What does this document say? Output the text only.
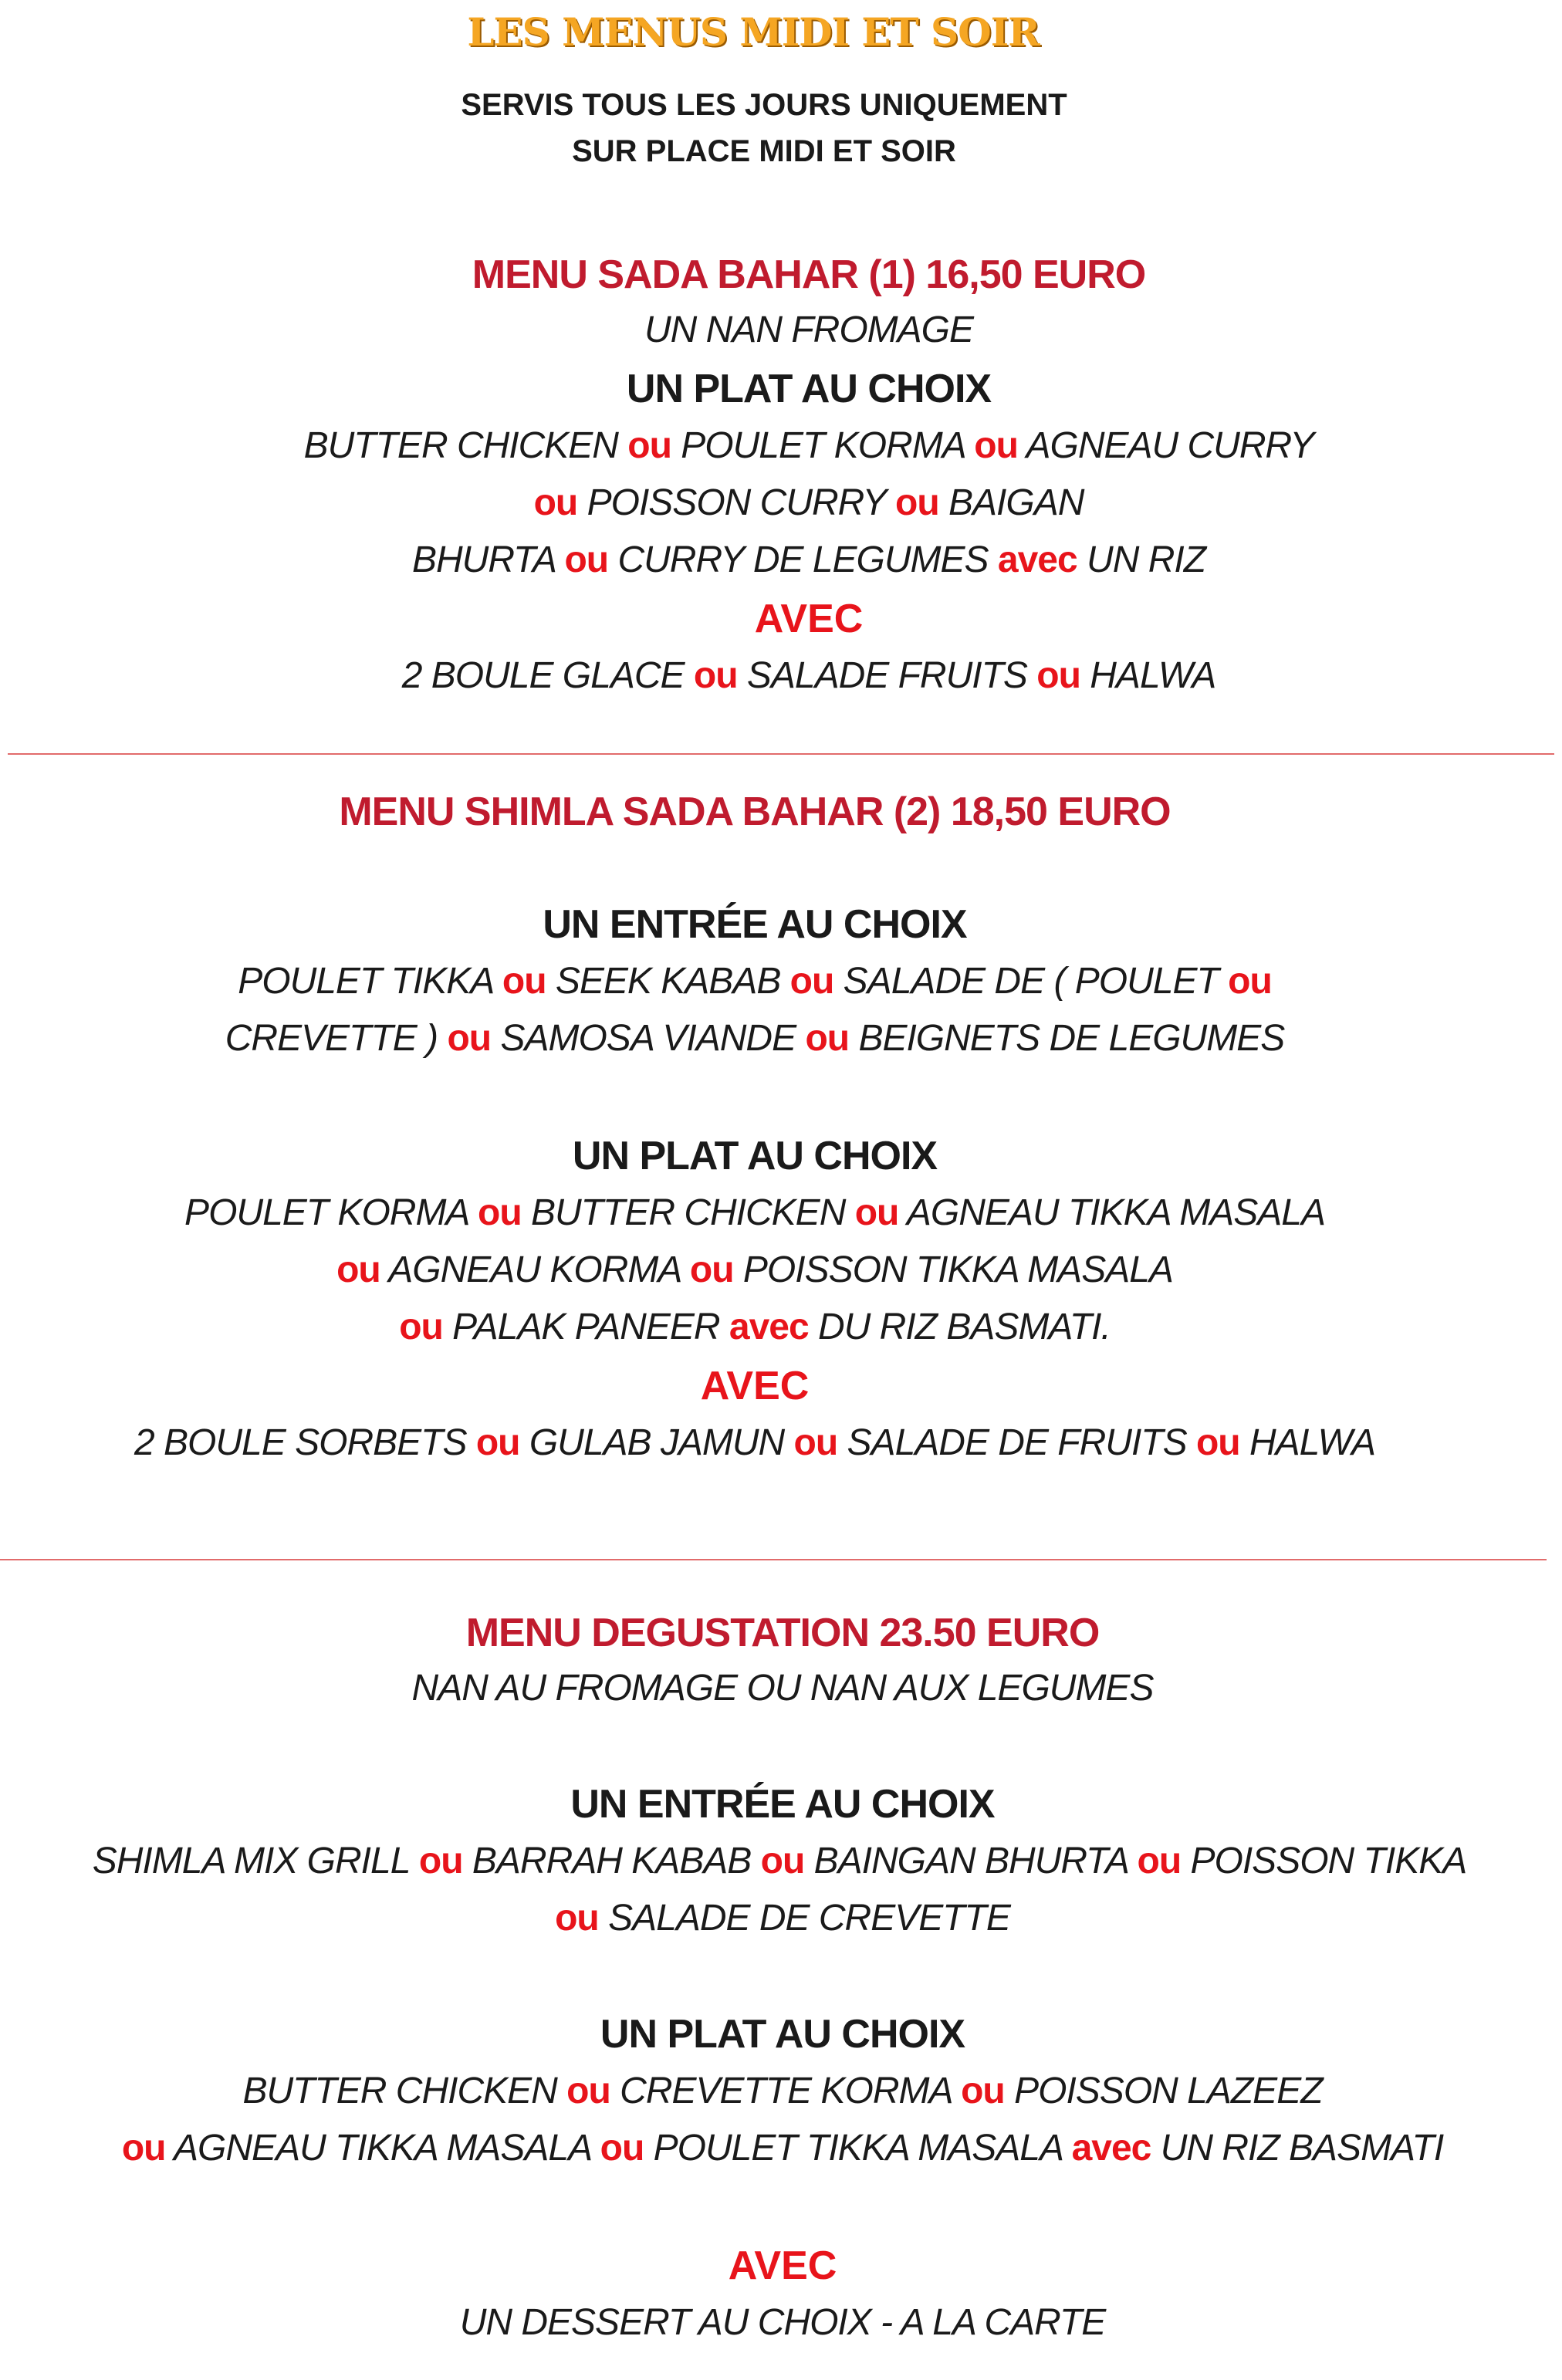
LES MENUS MIDI ET SOIR

SERVIS TOUS LES JOURS UNIQUEMENT

SUR PLACE MIDI ET SOIR

MENU SADA BAHAR (1) 16,50 EURO

UN NAN FROMAGE

UN PLAT AU CHOIX

BUTTER CHICKEN ou POULET KORMA ou AGNEAU CURRY

ou POISSON CURRY ou BAIGAN

BHURTA ou CURRY DE LEGUMES avec UN RIZ

AVEC

2 BOULE GLACE ou SALADE FRUITS ou HALWA

MENU SHIMLA SADA BAHAR (2) 18,50 EURO

UN ENTRÉE AU CHOIX

POULET TIKKA ou SEEK KABAB ou SALADE DE ( POULET ou

CREVETTE ) ou SAMOSA VIANDE ou BEIGNETS DE LEGUMES

UN PLAT AU CHOIX

POULET KORMA ou BUTTER CHICKEN ou AGNEAU TIKKA MASALA

ou AGNEAU KORMA ou POISSON TIKKA MASALA

ou PALAK PANEER avec DU RIZ BASMATI.

AVEC

2 BOULE SORBETS ou GULAB JAMUN ou SALADE DE FRUITS ou HALWA

MENU DEGUSTATION 23.50 EURO

NAN AU FROMAGE OU NAN AUX LEGUMES

UN ENTRÉE AU CHOIX

SHIMLA MIX GRILL ou BARRAH KABAB ou BAINGAN BHURTA ou POISSON TIKKA

ou SALADE DE CREVETTE

UN PLAT AU CHOIX

BUTTER CHICKEN ou CREVETTE KORMA ou POISSON LAZEEZ

ou AGNEAU TIKKA MASALA ou POULET TIKKA MASALA avec UN RIZ BASMATI

AVEC

UN DESSERT AU CHOIX - A LA CARTE
